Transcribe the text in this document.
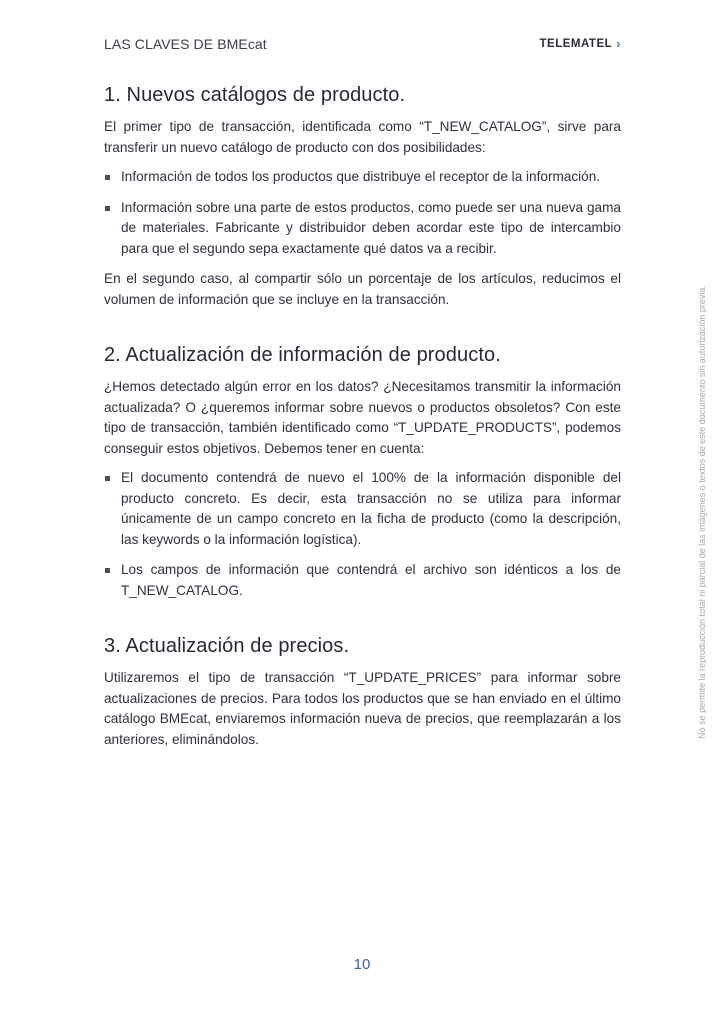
LAS CLAVES DE BMEcat	TELEMATEL ›
1. Nuevos catálogos de producto.

El primer tipo de transacción, identificada como “T_NEW_CATALOG”, sirve para transferir un nuevo catálogo de producto con dos posibilidades:

Información de todos los productos que distribuye el receptor de la información.
Información sobre una parte de estos productos, como puede ser una nueva gama de materiales. Fabricante y distribuidor deben acordar este tipo de intercambio para que el segundo sepa exactamente qué datos va a recibir.

En el segundo caso, al compartir sólo un porcentaje de los artículos, reducimos el volumen de información que se incluye en la transacción.

2. Actualización de información de producto.

¿Hemos detectado algún error en los datos? ¿Necesitamos transmitir la información actualizada? O ¿queremos informar sobre nuevos o productos obsoletos? Con este tipo de transacción, también identificado como “T_UPDATE_PRODUCTS”, podemos conseguir estos objetivos. Debemos tener en cuenta:

El documento contendrá de nuevo el 100% de la información disponible del producto concreto. Es decir, esta transacción no se utiliza para informar únicamente de un campo concreto en la ficha de producto (como la descripción, las keywords o la información logística).
Los campos de información que contendrá el archivo son idénticos a los de T_NEW_CATALOG.
3. Actualización de precios.

Utilizaremos el tipo de transacción “T_UPDATE_PRICES” para informar sobre actualizaciones de precios. Para todos los productos que se han enviado en el último catálogo BMEcat, enviaremos información nueva de precios, que reemplazarán a los anteriores, eliminándolos.

No se permite la reproducción total ni parcial de las imágenes o textos de este documento sin autorización previa.
10
